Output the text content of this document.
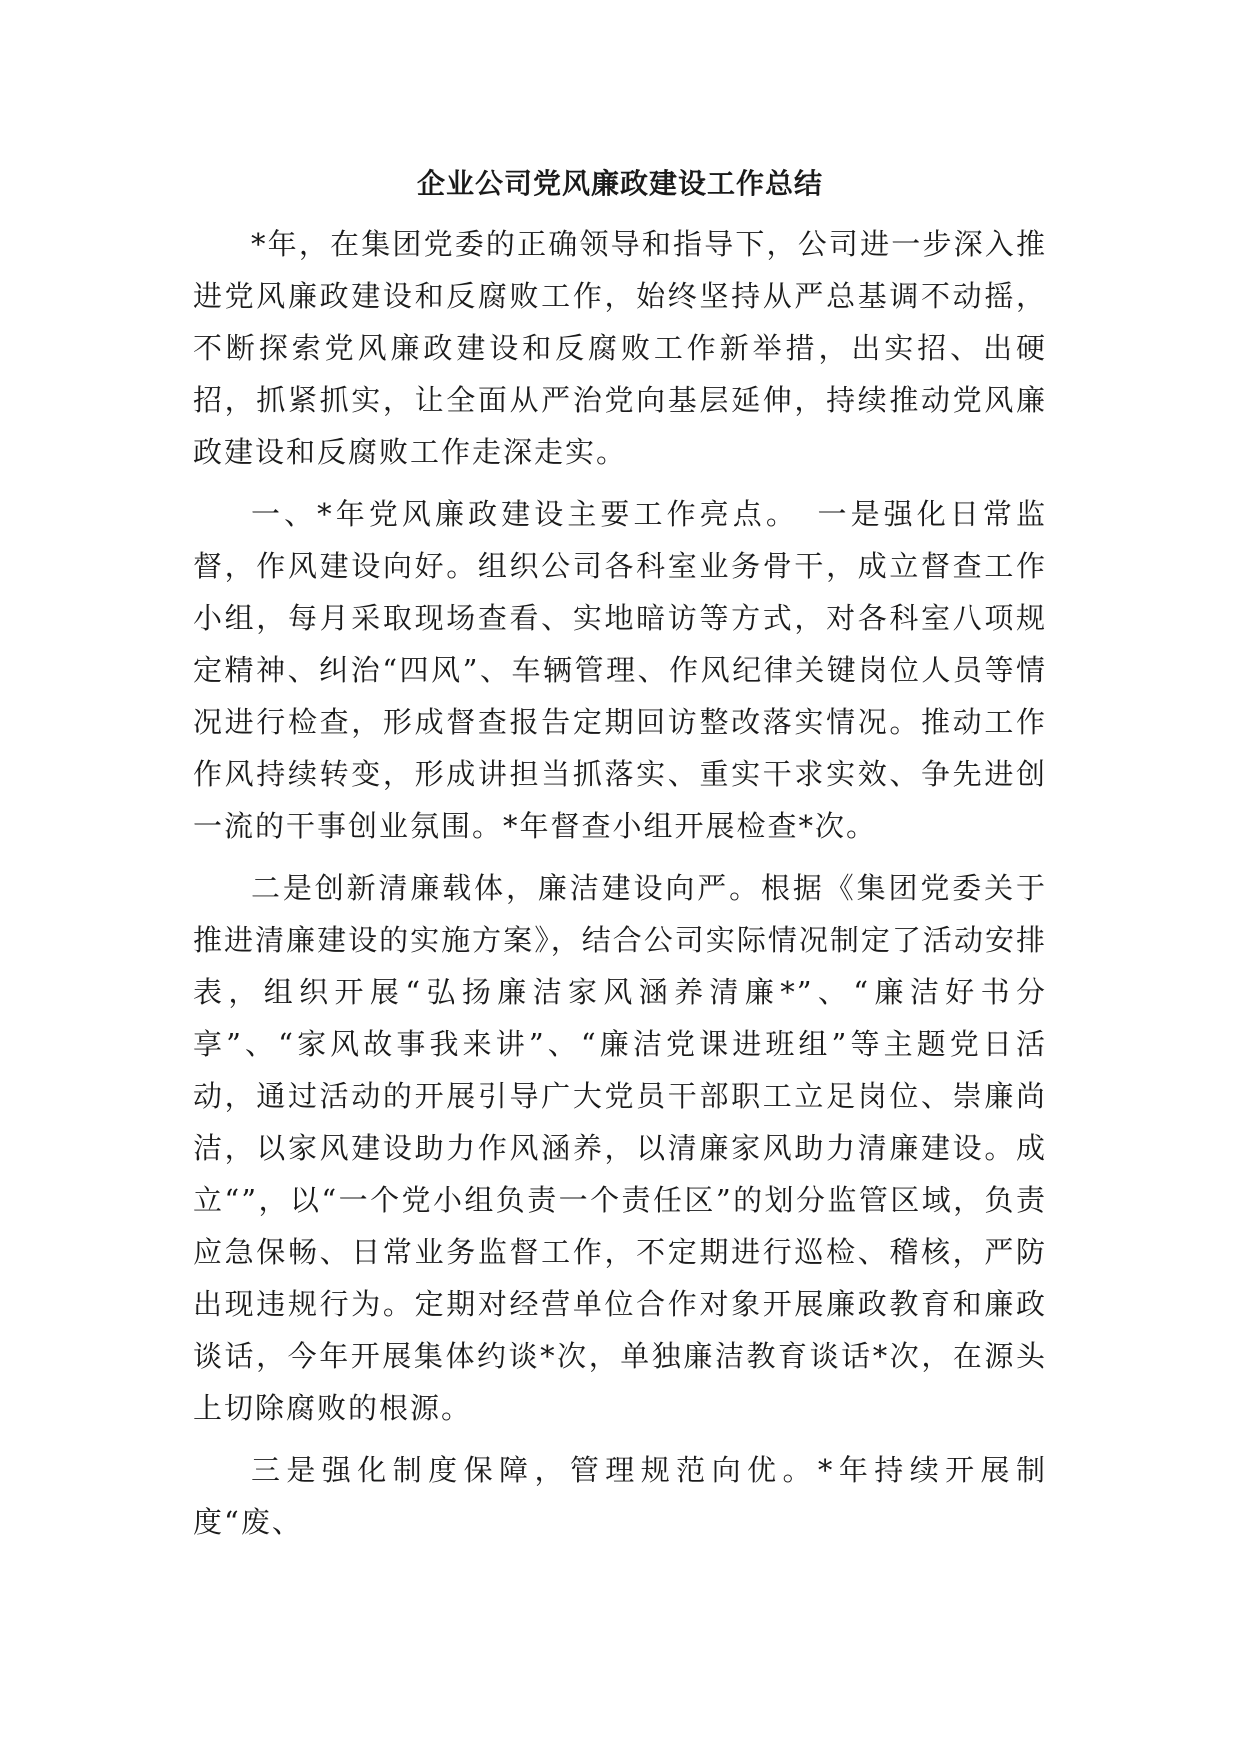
企业公司党风廉政建设工作总结

*年，在集团党委的正确领导和指导下，公司进一步深入推进党风廉政建设和反腐败工作，始终坚持从严总基调不动摇，不断探索党风廉政建设和反腐败工作新举措，出实招、出硬招，抓紧抓实，让全面从严治党向基层延伸，持续推动党风廉政建设和反腐败工作走深走实。

一、*年党风廉政建设主要工作亮点。　一是强化日常监督，作风建设向好。组织公司各科室业务骨干，成立督查工作小组，每月采取现场查看、实地暗访等方式，对各科室八项规定精神、纠治“四风”、车辆管理、作风纪律关键岗位人员等情况进行检查，形成督查报告定期回访整改落实情况。推动工作作风持续转变，形成讲担当抓落实、重实干求实效、争先进创一流的干事创业氛围。*年督查小组开展检查*次。

二是创新清廉载体，廉洁建设向严。根据《集团党委关于推进清廉建设的实施方案》，结合公司实际情况制定了活动安排表，组织开展“弘扬廉洁家风涵养清廉*”、“廉洁好书分享”、“家风故事我来讲”、“廉洁党课进班组”等主题党日活动，通过活动的开展引导广大党员干部职工立足岗位、崇廉尚洁，以家风建设助力作风涵养，以清廉家风助力清廉建设。成立“”，以“一个党小组负责一个责任区”的划分监管区域，负责应急保畅、日常业务监督工作，不定期进行巡检、稽核，严防出现违规行为。定期对经营单位合作对象开展廉政教育和廉政谈话，今年开展集体约谈*次，单独廉洁教育谈话*次，在源头上切除腐败的根源。

三是强化制度保障，管理规范向优。*年持续开展制度“废、
